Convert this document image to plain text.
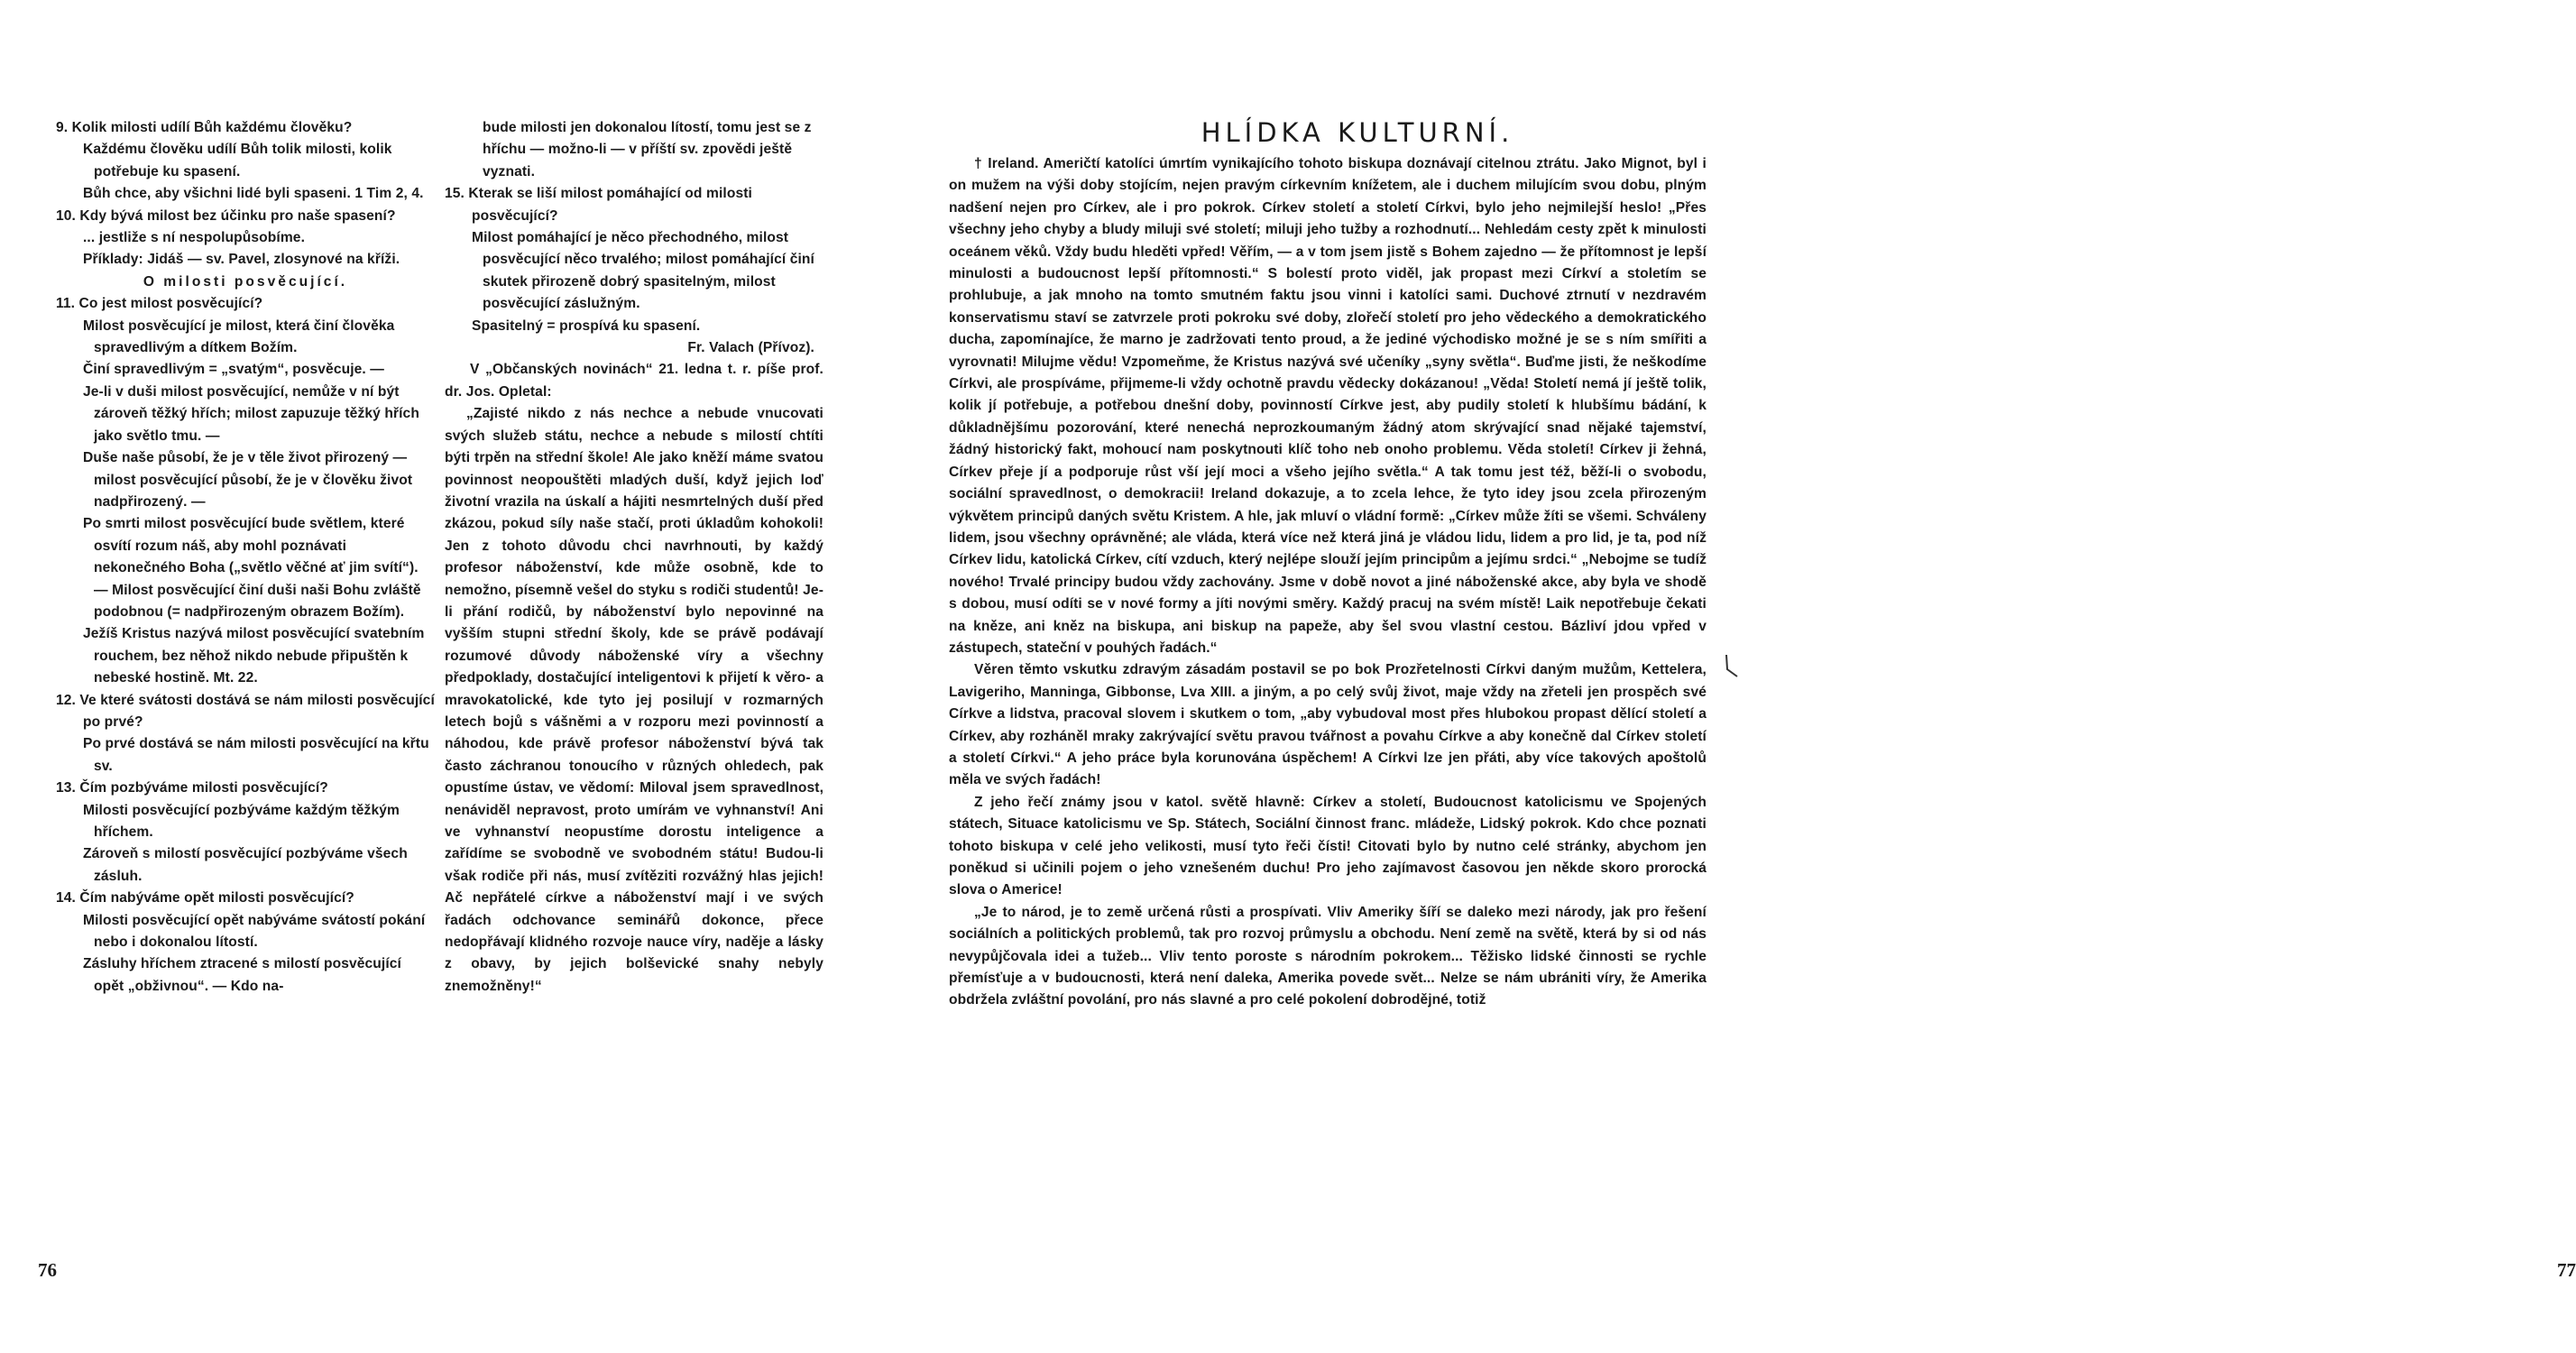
9. Kolik milosti udílí Bůh každému člověku?

Každému člověku udílí Bůh tolik milosti, kolik potřebuje ku spasení.

Bůh chce, aby všichni lidé byli spaseni. 1 Tim 2, 4.

10. Kdy bývá milost bez účinku pro naše spasení?

... jestliže s ní nespolupůsobíme.

Příklady: Jidáš — sv. Pavel, zlosynové na kříži.

O milosti posvěcující.

11. Co jest milost posvěcující?

Milost posvěcující je milost, která činí člověka spravedlivým a dítkem Božím.

Činí spravedlivým = „svatým“, posvěcuje. —

Je-li v duši milost posvěcující, nemůže v ní být zároveň těžký hřích; milost zapuzuje těžký hřích jako světlo tmu. —

Duše naše působí, že je v těle život přirozený — milost posvěcující působí, že je v člověku život nadpřirozený. —

Po smrti milost posvěcující bude světlem, které osvítí rozum náš, aby mohl poznávati nekonečného Boha („světlo věčné ať jim svítí“). — Milost posvěcující činí duši naši Bohu zvláště podobnou (= nadpřirozeným obrazem Božím).

Ježíš Kristus nazývá milost posvěcující svatebním rouchem, bez něhož nikdo nebude připuštěn k nebeské hostině. Mt. 22.

12. Ve které svátosti dostává se nám milosti posvěcující po prvé?

Po prvé dostává se nám milosti posvěcující na křtu sv.

13. Čím pozbýváme milosti posvěcující?

Milosti posvěcující pozbýváme každým těžkým hříchem.

Zároveň s milostí posvěcující pozbýváme všech zásluh.

14. Čím nabýváme opět milosti posvěcující?

Milosti posvěcující opět nabýváme svátostí pokání nebo i dokonalou lítostí.

Zásluhy hříchem ztracené s milostí posvěcující opět „obživnou“. — Kdo na-

bude milosti jen dokonalou lítostí, tomu jest se z hříchu — možno-li — v příští sv. zpovědi ještě vyznati.

15. Kterak se liší milost pomáhající od milosti posvěcující?

Milost pomáhající je něco přechodného, milost posvěcující něco trvalého; milost pomáhající činí skutek přirozeně dobrý spasitelným, milost posvěcující záslužným.

Spasitelný = prospívá ku spasení.

Fr. Valach (Přívoz).

V „Občanských novinách“ 21. ledna t. r. píše prof. dr. Jos. Opletal:

„Zajisté nikdo z nás nechce a nebude vnucovati svých služeb státu, nechce a nebude s milostí chtíti býti trpěn na střední škole! Ale jako kněží máme svatou povinnost neopouštěti mladých duší, když jejich loď životní vrazila na úskalí a hájiti nesmrtelných duší před zkázou, pokud síly naše stačí, proti úkladům kohokoli! Jen z tohoto důvodu chci navrhnouti, by každý profesor náboženství, kde může osobně, kde to nemožno, písemně vešel do styku s rodiči studentů! Je-li přání rodičů, by náboženství bylo nepovinné na vyšším stupni střední školy, kde se právě podávají rozumové důvody náboženské víry a všechny předpoklady, dostačující inteligentovi k přijetí k věro- a mravokatolické, kde tyto jej posilují v rozmarných letech bojů s vášněmi a v rozporu mezi povinností a náhodou, kde právě profesor náboženství bývá tak často záchranou tonoucího v různých ohledech, pak opustíme ústav, ve vědomí: Miloval jsem spravedlnost, nenáviděl nepravost, proto umírám ve vyhnanství! Ani ve vyhnanství neopustíme dorostu inteligence a zařídíme se svobodně ve svobodném státu! Budou-li však rodiče při nás, musí zvítěziti rozvážný hlas jejich! Ač nepřátelé církve a náboženství mají i ve svých řadách odchovance seminářů dokonce, přece nedopřávají klidného rozvoje nauce víry, naděje a lásky z obavy, by jejich bolševické snahy nebyly znemožněny!“

76

† Ireland. Američtí katolíci úmrtím vynikajícího tohoto biskupa doznávají citelnou ztrátu. Jako Mignot, byl i on mužem na výši doby stojícím, nejen pravým církevním knížetem, ale i duchem milujícím svou dobu, plným nadšení nejen pro Církev, ale i pro pokrok. Církev století a století Církvi, bylo jeho nejmilejší heslo! „Přes všechny jeho chyby a bludy miluji své století; miluji jeho tužby a rozhodnutí... Nehledám cesty zpět k minulosti oceánem věků. Vždy budu hleděti vpřed! Věřím, — a v tom jsem jistě s Bohem zajedno — že přítomnost je lepší minulosti a budoucnost lepší přítomnosti.“ S bolestí proto viděl, jak propast mezi Církví a stoletím se prohlubuje, a jak mnoho na tomto smutném faktu jsou vinni i katolíci sami. Duchové ztrnutí v nezdravém konservatismu staví se zatvrzele proti pokroku své doby, zlořečí století pro jeho vědeckého a demokratického ducha, zapomínajíce, že marno je zadržovati tento proud, a že jediné východisko možné je se s ním smířiti a vyrovnati! Milujme vědu! Vzpomeňme, že Kristus nazývá své učeníky „syny světla“. Buďme jisti, že neškodíme Církvi, ale prospíváme, přijmeme-li vždy ochotně pravdu vědecky dokázanou! „Věda! Století nemá jí ještě tolik, kolik jí potřebuje, a potřebou dnešní doby, povinností Církve jest, aby pudily století k hlubšímu bádání, k důkladnějšímu pozorování, které nenechá neprozkoumaným žádný atom skrývající snad nějaké tajemství, žádný historický fakt, mohoucí nam poskytnouti klíč toho neb onoho problemu. Věda století! Církev ji žehná, Církev přeje jí a podporuje růst vší její moci a všeho jejího světla.“ A tak tomu jest též, běží-li o svobodu, sociální spravedlnost, o demokracii! Ireland dokazuje, a to zcela lehce, že tyto idey jsou zcela přirozeným výkvětem principů daných světu Kristem. A hle, jak mluví o vládní formě: „Církev může žíti se všemi. Schváleny lidem, jsou všechny oprávněné; ale vláda, která více než která jiná je vládou lidu, lidem a pro lid, je ta, pod níž Církev lidu, katolická Církev, cítí vzduch, který nejlépe slouží jejím principům a jejímu srdci.“ „Nebojme se tudíž nového! Trvalé principy budou vždy zachovány. Jsme v době novot a jiné náboženské akce, aby byla ve shodě s dobou, musí odíti se v nové formy a jíti novými směry. Každý pracuj na svém místě! Laik nepotřebuje čekati na kněze, ani kněz na biskupa, ani biskup na papeže, aby šel svou vlastní cestou. Bázliví jdou vpřed v zástupech, stateční v pouhých řadách.“

Věren těmto vskutku zdravým zásadám postavil se po bok Prozřetelnosti Církvi daným mužům, Kettelera, Lavigeriho, Manninga, Gibbonse, Lva XIII. a jiným, a po celý svůj život, maje vždy na zřeteli jen prospěch své Církve a lidstva, pracoval slovem i skutkem o tom, „aby vybudoval most přes hlubokou propast dělící století a Církev, aby rozháněl mraky zakrývající světu pravou tvářnost a povahu Církve a aby konečně dal Církev století a století Církvi.“ A jeho práce byla korunována úspěchem! A Církvi lze jen přáti, aby více takových apoštolů měla ve svých řadách!

Z jeho řečí známy jsou v katol. světě hlavně: Církev a století, Budoucnost katolicismu ve Spojených státech, Situace katolicismu ve Sp. Státech, Sociální činnost franc. mládeže, Lidský pokrok. Kdo chce poznati tohoto biskupa v celé jeho velikosti, musí tyto řeči čísti! Citovati bylo by nutno celé stránky, abychom jen poněkud si učinili pojem o jeho vznešeném duchu! Pro jeho zajímavost časovou jen někde skoro prorocká slova o Americe!

„Je to národ, je to země určená růsti a prospívati. Vliv Ameriky šíří se daleko mezi národy, jak pro řešení sociálních a politických problemů, tak pro rozvoj průmyslu a obchodu. Není země na světě, která by si od nás nevypůjčovala idei a tužeb... Vliv tento poroste s národním pokrokem... Těžisko lidské činnosti se rychle přemísťuje a v budoucnosti, která není daleka, Amerika povede svět... Nelze se nám ubrániti víry, že Amerika obdržela zvláštní povolání, pro nás slavné a pro celé pokolení dobrodějné, totiž

77
HLÍDKA KULTURNÍ.
